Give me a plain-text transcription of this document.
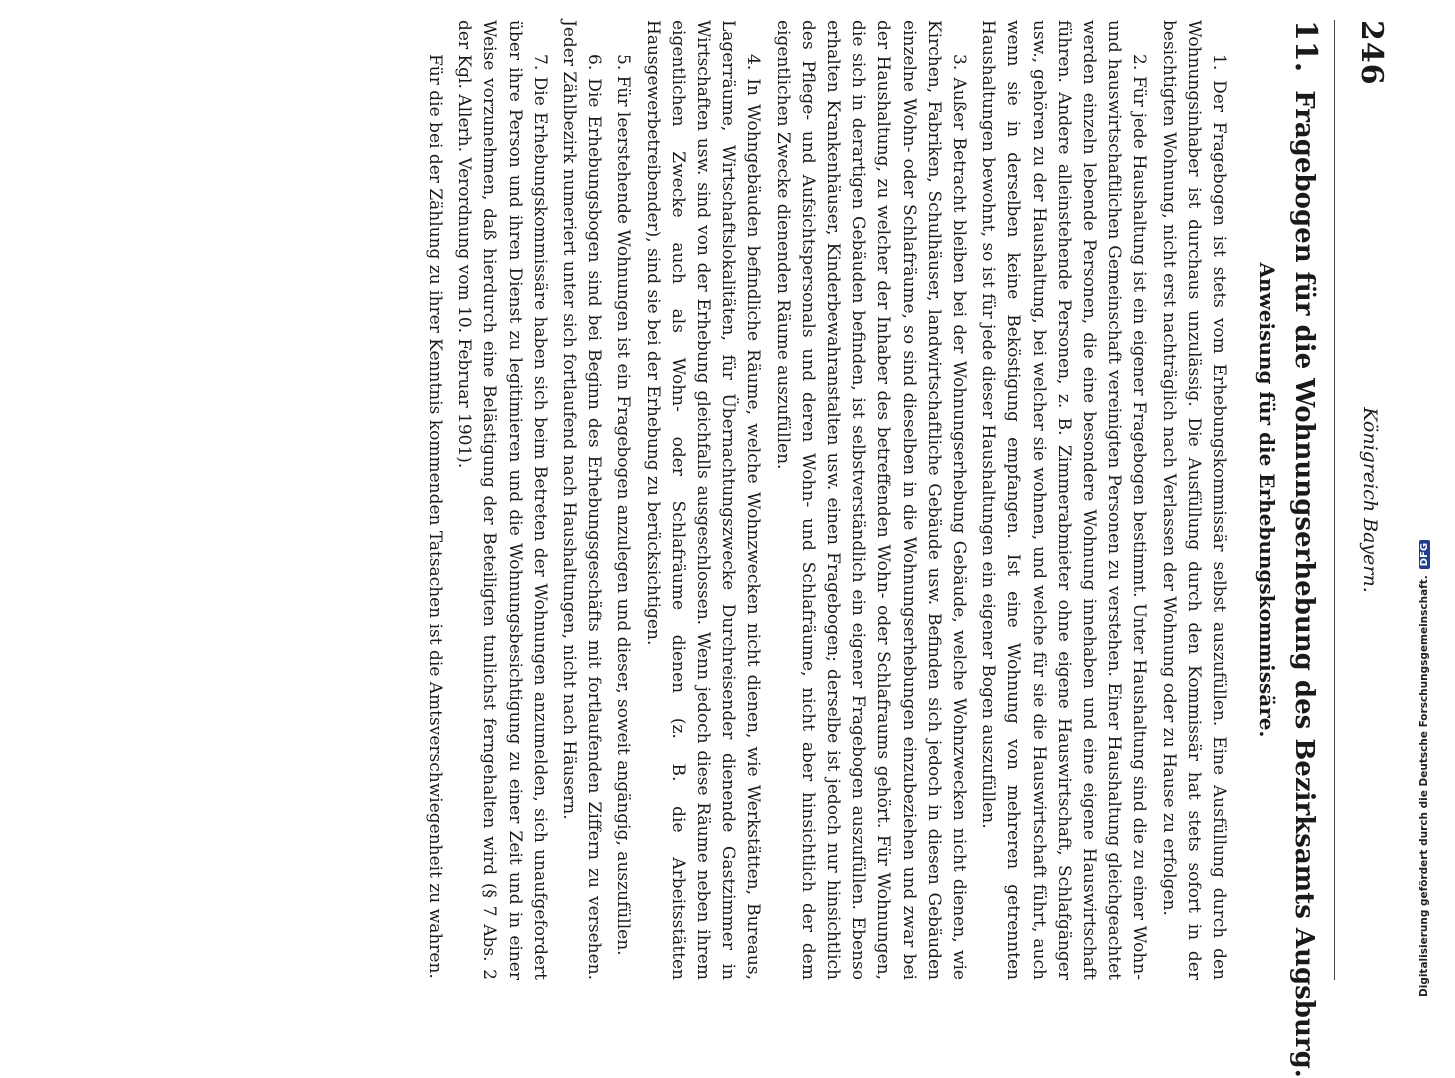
246
Königreich Bayern.
11.Fragebogen für die Wohnungserhebung des Bezirksamts Augsburg.
Anweisung für die Erhebungskommissäre.

1. Der Fragebogen ist stets vom Erhebungskommissär selbst auszufüllen. Eine Ausfüllung durch den Wohnungsinhaber ist durchaus unzulässig. Die Ausfüllung durch den Kommissär hat stets sofort in der besichtigten Wohnung, nicht erst nachträglich nach Verlassen der Wohnung oder zu Hause zu erfolgen.

2. Für jede Haushaltung ist ein eigener Fragebogen bestimmt. Unter Haushaltung sind die zu einer Wohn- und hauswirtschaftlichen Gemeinschaft vereinigten Personen zu verstehen. Einer Haushaltung gleichgeachtet werden einzeln lebende Personen, die eine besondere Wohnung innehaben und eine eigene Hauswirtschaft führen. Andere alleinstehende Personen, z. B. Zimmerabmieter ohne eigene Hauswirtschaft, Schlafgänger usw., gehören zu der Haushaltung, bei welcher sie wohnen, und welche für sie die Hauswirtschaft führt, auch wenn sie in derselben keine Beköstigung empfangen. Ist eine Wohnung von mehreren getrennten Haushaltungen bewohnt, so ist für jede dieser Haushaltungen ein eigener Bogen auszufüllen.

3. Außer Betracht bleiben bei der Wohnungserhebung Gebäude, welche Wohnzwecken nicht dienen, wie Kirchen, Fabriken, Schulhäuser, landwirtschaftliche Gebäude usw. Befinden sich jedoch in diesen Gebäuden einzelne Wohn- oder Schlafräume, so sind dieselben in die Wohnungserhebungen einzubeziehen und zwar bei der Haushaltung, zu welcher der Inhaber des betreffenden Wohn- oder Schlafraums gehört. Für Wohnungen, die sich in derartigen Gebäuden befinden, ist selbstverständlich ein eigener Fragebogen auszufüllen. Ebenso erhalten Krankenhäuser, Kinderbewahranstalten usw. einen Fragebogen; derselbe ist jedoch nur hinsichtlich des Pflege- und Aufsichtspersonals und deren Wohn- und Schlafräume, nicht aber hinsichtlich der dem eigentlichen Zwecke dienenden Räume auszufüllen.

4. In Wohngebäuden befindliche Räume, welche Wohnzwecken nicht dienen, wie Werkstätten, Bureaus, Lagerräume, Wirtschaftslokalitäten, für Übernachtungszwecke Durchreisender dienende Gastzimmer in Wirtschaften usw. sind von der Erhebung gleichfalls ausgeschlossen. Wenn jedoch diese Räume neben ihrem eigentlichen Zwecke auch als Wohn- oder Schlafräume dienen (z. B. die Arbeitsstätten Hausgewerbetreibender), sind sie bei der Erhebung zu berücksichtigen.

5. Für leerstehende Wohnungen ist ein Fragebogen anzulegen und dieser, soweit angängig, auszufüllen.

6. Die Erhebungsbogen sind bei Beginn des Erhebungsgeschäfts mit fortlaufenden Ziffern zu versehen. Jeder Zählbezirk numeriert unter sich fortlaufend nach Haushaltungen, nicht nach Häusern.

7. Die Erhebungskommissäre haben sich beim Betreten der Wohnungen anzumelden, sich unaufgefordert über ihre Person und ihren Dienst zu legitimieren und die Wohnungsbesichtigung zu einer Zeit und in einer Weise vorzunehmen, daß hierdurch eine Belästigung der Beteiligten tunlichst ferngehalten wird (§ 7 Abs. 2 der Kgl. Allerh. Verordnung vom 10. Februar 1901).

Für die bei der Zählung zu ihrer Kenntnis kommenden Tatsachen ist die Amtsverschwiegenheit zu wahren.	Digitalisierung gefördert durch die Deutsche Forschungsgemeinschaft.DFG
